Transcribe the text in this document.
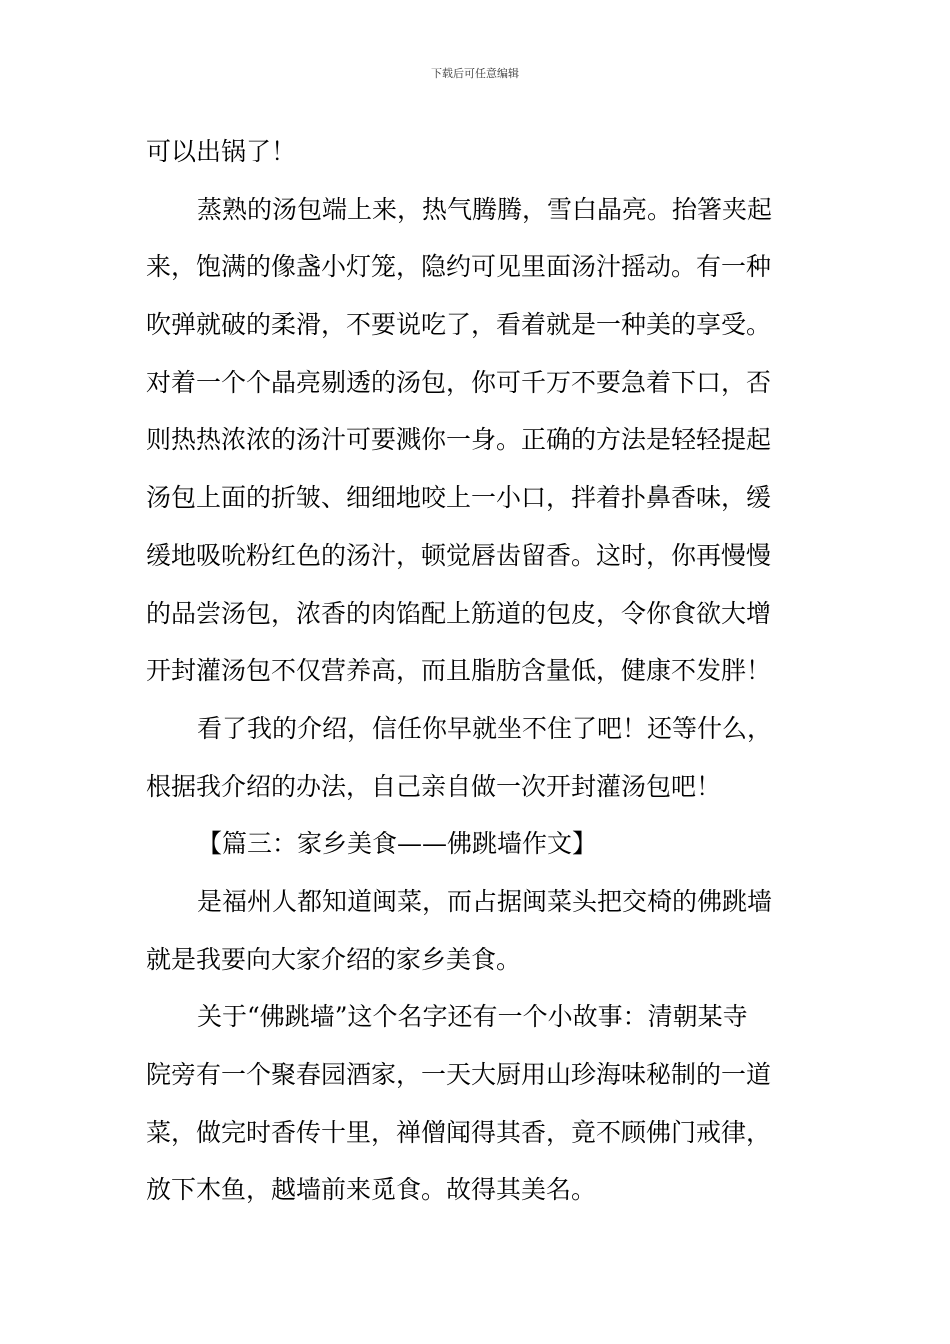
下载后可任意编辑
可以出锅了！
蒸熟的汤包端上来，热气腾腾，雪白晶亮。抬箸夹起
来，饱满的像盏小灯笼，隐约可见里面汤汁摇动。有一种
吹弹就破的柔滑，不要说吃了，看着就是一种美的享受。
对着一个个晶亮剔透的汤包，你可千万不要急着下口，否
则热热浓浓的汤汁可要溅你一身。正确的方法是轻轻提起
汤包上面的折皱、细细地咬上一小口，拌着扑鼻香味，缓
缓地吸吮粉红色的汤汁，顿觉唇齿留香。这时，你再慢慢
的品尝汤包，浓香的肉馅配上筋道的包皮，令你食欲大增
开封灌汤包不仅营养高，而且脂肪含量低，健康不发胖！
看了我的介绍，信任你早就坐不住了吧！还等什么，
根据我介绍的办法，自己亲自做一次开封灌汤包吧！
【篇三：家乡美食——佛跳墙作文】
是福州人都知道闽菜，而占据闽菜头把交椅的佛跳墙
就是我要向大家介绍的家乡美食。
关于“佛跳墙”这个名字还有一个小故事：清朝某寺
院旁有一个聚春园酒家，一天大厨用山珍海味秘制的一道
菜，做完时香传十里，禅僧闻得其香，竟不顾佛门戒律，
放下木鱼，越墙前来觅食。故得其美名。
